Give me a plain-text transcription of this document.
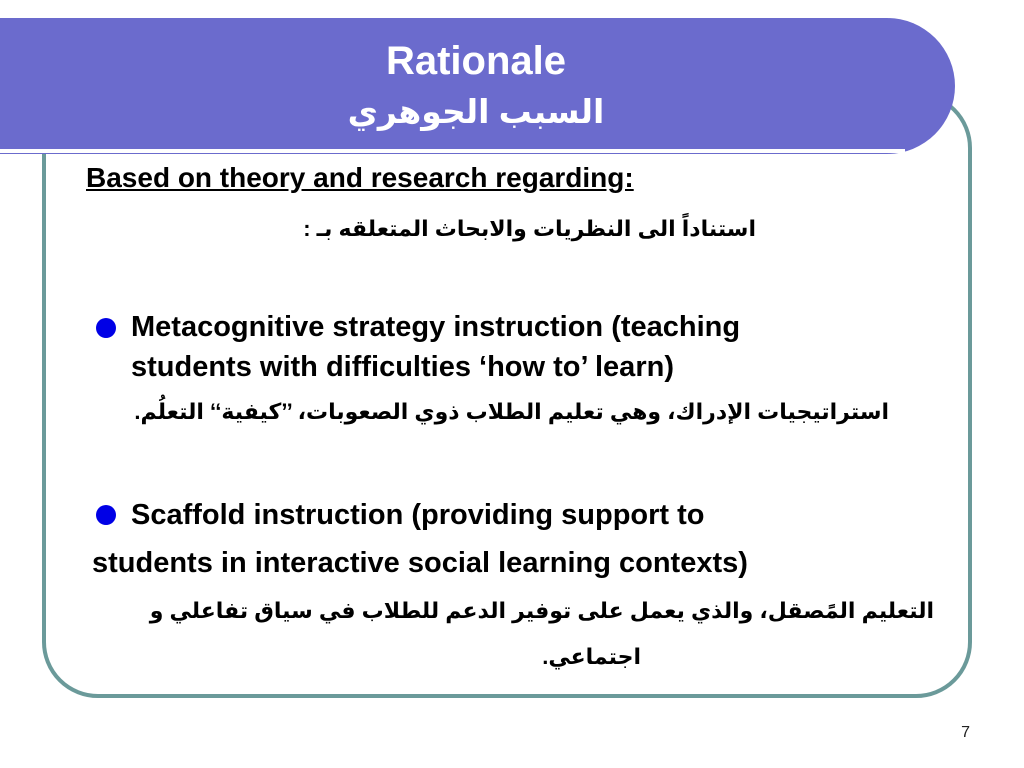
Rationale
السبب الجوهري
Based on theory and research regarding:
استناداً الى النظريات والابحاث المتعلقه بـ :
Metacognitive strategy instruction (teaching
students with difficulties ‘how to’ learn)
استراتيجيات الإدراك، وهي تعليم الطلاب ذوي الصعوبات، ’’كيفية‘‘ التعلُم.
Scaffold instruction (providing support to
students in interactive social learning contexts)
التعليم المًصقل، والذي يعمل على توفير الدعم للطلاب في سياق تفاعلي و
اجتماعي.
7
